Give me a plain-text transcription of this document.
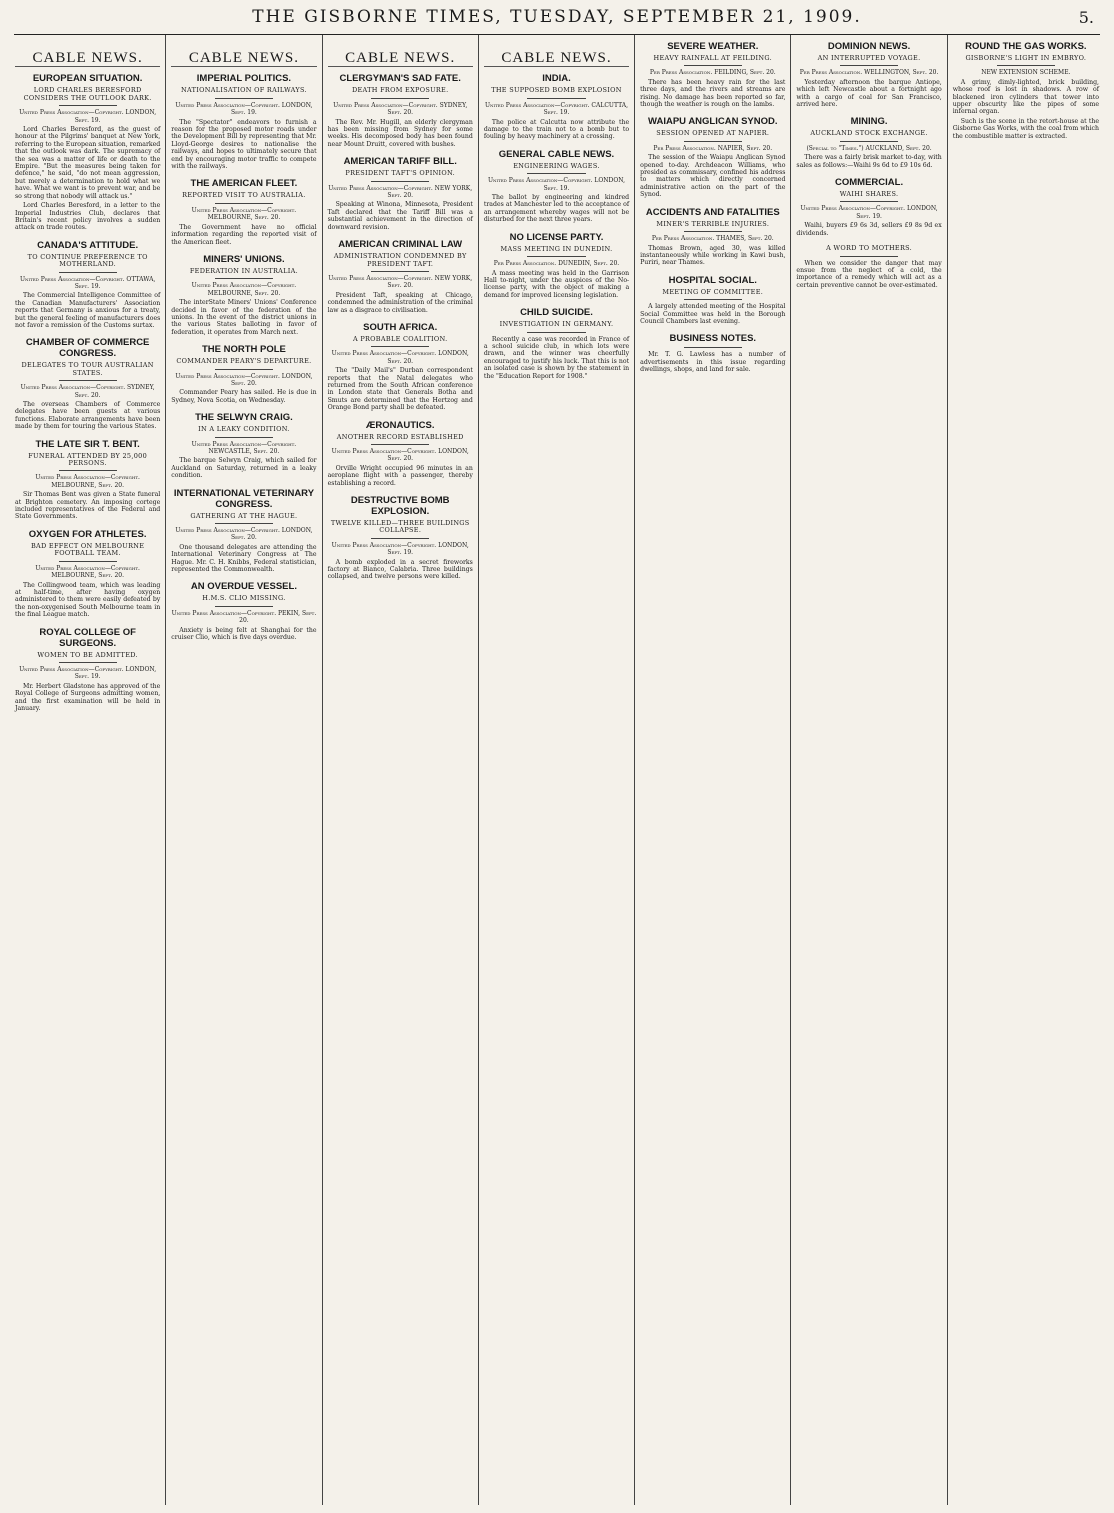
THE GISBORNE TIMES, TUESDAY, SEPTEMBER 21, 1909.	5.
CABLE NEWS.
EUROPEAN SITUATION.
LORD CHARLES BERESFORD CONSIDERS THE OUTLOOK DARK.
United Press Association—Copyright. LONDON, Sept. 19.

Lord Charles Beresford, as the guest of honour at the Pilgrims' banquet at New York, referring to the European situation, remarked that the outlook was dark. The supremacy of the sea was a matter of life or death to the Empire. "But the measures being taken for defence," he said, "do not mean aggression, but merely a determination to hold what we have. What we want is to prevent war, and be so strong that nobody will attack us."

Lord Charles Beresford, in a letter to the Imperial Industries Club, declares that Britain's recent policy involves a sudden attack on trade routes.

CANADA'S ATTITUDE.
TO CONTINUE PREFERENCE TO MOTHERLAND.
United Press Association—Copyright. OTTAWA, Sept. 19.

The Commercial Intelligence Committee of the Canadian Manufacturers' Association reports that Germany is anxious for a treaty, but the general feeling of manufacturers does not favor a remission of the Customs surtax.

CHAMBER OF COMMERCE CONGRESS.
DELEGATES TO TOUR AUSTRALIAN STATES.
United Press Association—Copyright. SYDNEY, Sept. 20.

The overseas Chambers of Commerce delegates have been guests at various functions. Elaborate arrangements have been made by them for touring the various States.

THE LATE SIR T. BENT.
FUNERAL ATTENDED BY 25,000 PERSONS.
United Press Association—Copyright. MELBOURNE, Sept. 20.

Sir Thomas Bent was given a State funeral at Brighton cemetery. An imposing cortege included representatives of the Federal and State Governments.

OXYGEN FOR ATHLETES.
BAD EFFECT ON MELBOURNE FOOTBALL TEAM.
United Press Association—Copyright. MELBOURNE, Sept. 20.

The Collingwood team, which was leading at half-time, after having oxygen administered to them were easily defeated by the non-oxygenised South Melbourne team in the final League match.

ROYAL COLLEGE OF SURGEONS.
WOMEN TO BE ADMITTED.
United Press Association—Copyright. LONDON, Sept. 19.

Mr. Herbert Gladstone has approved of the Royal College of Surgeons admitting women, and the first examination will be held in January.

CABLE NEWS.
IMPERIAL POLITICS.
NATIONALISATION OF RAILWAYS.
United Press Association—Copyright. LONDON, Sept. 19.

The "Spectator" endeavors to furnish a reason for the proposed motor roads under the Development Bill by representing that Mr. Lloyd-George desires to nationalise the railways, and hopes to ultimately secure that end by encouraging motor traffic to compete with the railways.

THE AMERICAN FLEET.
REPORTED VISIT TO AUSTRALIA.
United Press Association—Copyright. MELBOURNE, Sept. 20.

The Government have no official information regarding the reported visit of the American fleet.

MINERS' UNIONS.
FEDERATION IN AUSTRALIA.
United Press Association—Copyright. MELBOURNE, Sept. 20.

The interState Miners' Unions' Conference decided in favor of the federation of the unions. In the event of the district unions in the various States balloting in favor of federation, it operates from March next.

THE NORTH POLE
COMMANDER PEARY'S DEPARTURE.
United Press Association—Copyright. LONDON, Sept. 20.

Commander Peary has sailed. He is due in Sydney, Nova Scotia, on Wednesday.

THE SELWYN CRAIG.
IN A LEAKY CONDITION.
United Press Association—Copyright. NEWCASTLE, Sept. 20.

The barque Selwyn Craig, which sailed for Auckland on Saturday, returned in a leaky condition.

INTERNATIONAL VETERINARY CONGRESS.
GATHERING AT THE HAGUE.
United Press Association—Copyright. LONDON, Sept. 20.

One thousand delegates are attending the International Veterinary Congress at The Hague. Mr. C. H. Knibbs, Federal statistician, represented the Commonwealth.

AN OVERDUE VESSEL.
H.M.S. CLIO MISSING.
United Press Association—Copyright. PEKIN, Sept. 20.

Anxiety is being felt at Shanghai for the cruiser Clio, which is five days overdue.

CABLE NEWS.
CLERGYMAN'S SAD FATE.
DEATH FROM EXPOSURE.
United Press Association—Copyright. SYDNEY, Sept. 20.

The Rev. Mr. Hugill, an elderly clergyman has been missing from Sydney for some weeks. His decomposed body has been found near Mount Druitt, covered with bushes.

AMERICAN TARIFF BILL.
PRESIDENT TAFT'S OPINION.
United Press Association—Copyright. NEW YORK, Sept. 20.

Speaking at Winona, Minnesota, President Taft declared that the Tariff Bill was a substantial achievement in the direction of downward revision.

AMERICAN CRIMINAL LAW
ADMINISTRATION CONDEMNED BY PRESIDENT TAFT.
United Press Association—Copyright. NEW YORK, Sept. 20.

President Taft, speaking at Chicago, condemned the administration of the criminal law as a disgrace to civilisation.

SOUTH AFRICA.
A PROBABLE COALITION.
United Press Association—Copyright. LONDON, Sept. 20.

The "Daily Mail's" Durban correspondent reports that the Natal delegates who returned from the South African conference in London state that Generals Botha and Smuts are determined that the Hertzog and Orange Bond party shall be defeated.

ÆRONAUTICS.
ANOTHER RECORD ESTABLISHED
United Press Association—Copyright. LONDON, Sept. 20.

Orville Wright occupied 96 minutes in an aeroplane flight with a passenger, thereby establishing a record.

DESTRUCTIVE BOMB EXPLOSION.
TWELVE KILLED—THREE BUILDINGS COLLAPSE.
United Press Association—Copyright. LONDON, Sept. 19.

A bomb exploded in a secret fireworks factory at Bianco, Calabria. Three buildings collapsed, and twelve persons were killed.

CABLE NEWS.
INDIA.
THE SUPPOSED BOMB EXPLOSION
United Press Association—Copyright. CALCUTTA, Sept. 19.

The police at Calcutta now attribute the damage to the train not to a bomb but to fouling by heavy machinery at a crossing.

GENERAL CABLE NEWS.
ENGINEERING WAGES.
United Press Association—Copyright. LONDON, Sept. 19.

The ballot by engineering and kindred trades at Manchester led to the acceptance of an arrangement whereby wages will not be disturbed for the next three years.

NO LICENSE PARTY.
MASS MEETING IN DUNEDIN.
Per Press Association. DUNEDIN, Sept. 20.

A mass meeting was held in the Garrison Hall to-night, under the auspices of the No-license party, with the object of making a demand for improved licensing legislation.

CHILD SUICIDE.
INVESTIGATION IN GERMANY.

Recently a case was recorded in France of a school suicide club, in which lots were drawn, and the winner was cheerfully encouraged to justify his luck. That this is not an isolated case is shown by the statement in the "Education Report for 1908."

SEVERE WEATHER.
HEAVY RAINFALL AT FEILDING.
Per Press Association. FEILDING, Sept. 20.

There has been heavy rain for the last three days, and the rivers and streams are rising. No damage has been reported so far, though the weather is rough on the lambs.

WAIAPU ANGLICAN SYNOD.
SESSION OPENED AT NAPIER.
Per Press Association. NAPIER, Sept. 20.

The session of the Waiapu Anglican Synod opened to-day. Archdeacon Williams, who presided as commissary, confined his address to matters which directly concerned administrative action on the part of the Synod.

ACCIDENTS AND FATALITIES
MINER'S TERRIBLE INJURIES.
Per Press Association. THAMES, Sept. 20.

Thomas Brown, aged 30, was killed instantaneously while working in Kawi bush, Puriri, near Thames.

HOSPITAL SOCIAL.
MEETING OF COMMITTEE.

A largely attended meeting of the Hospital Social Committee was held in the Borough Council Chambers last evening.

BUSINESS NOTES.

Mr. T. G. Lawless has a number of advertisements in this issue regarding dwellings, shops, and land for sale.

DOMINION NEWS.
AN INTERRUPTED VOYAGE.
Per Press Association. WELLINGTON, Sept. 20.

Yesterday afternoon the barque Antiope, which left Newcastle about a fortnight ago with a cargo of coal for San Francisco, arrived here.

MINING.
AUCKLAND STOCK EXCHANGE.
(Special to "Times.") AUCKLAND, Sept. 20.

There was a fairly brisk market to-day, with sales as follows:—Waihi 9s 6d to £9 10s 6d.

COMMERCIAL.
WAIHI SHARES.
United Press Association—Copyright. LONDON, Sept. 19.

Waihi, buyers £9 6s 3d, sellers £9 8s 9d ex dividends.

A WORD TO MOTHERS.

When we consider the danger that may ensue from the neglect of a cold, the importance of a remedy which will act as a certain preventive cannot be over-estimated.

ROUND THE GAS WORKS.
GISBORNE'S LIGHT IN EMBRYO.
NEW EXTENSION SCHEME.

A grimy, dimly-lighted, brick building, whose roof is lost in shadows. A row of blackened iron cylinders that tower into upper obscurity like the pipes of some infernal organ.

Such is the scene in the retort-house at the Gisborne Gas Works, with the coal from which the combustible matter is extracted.
